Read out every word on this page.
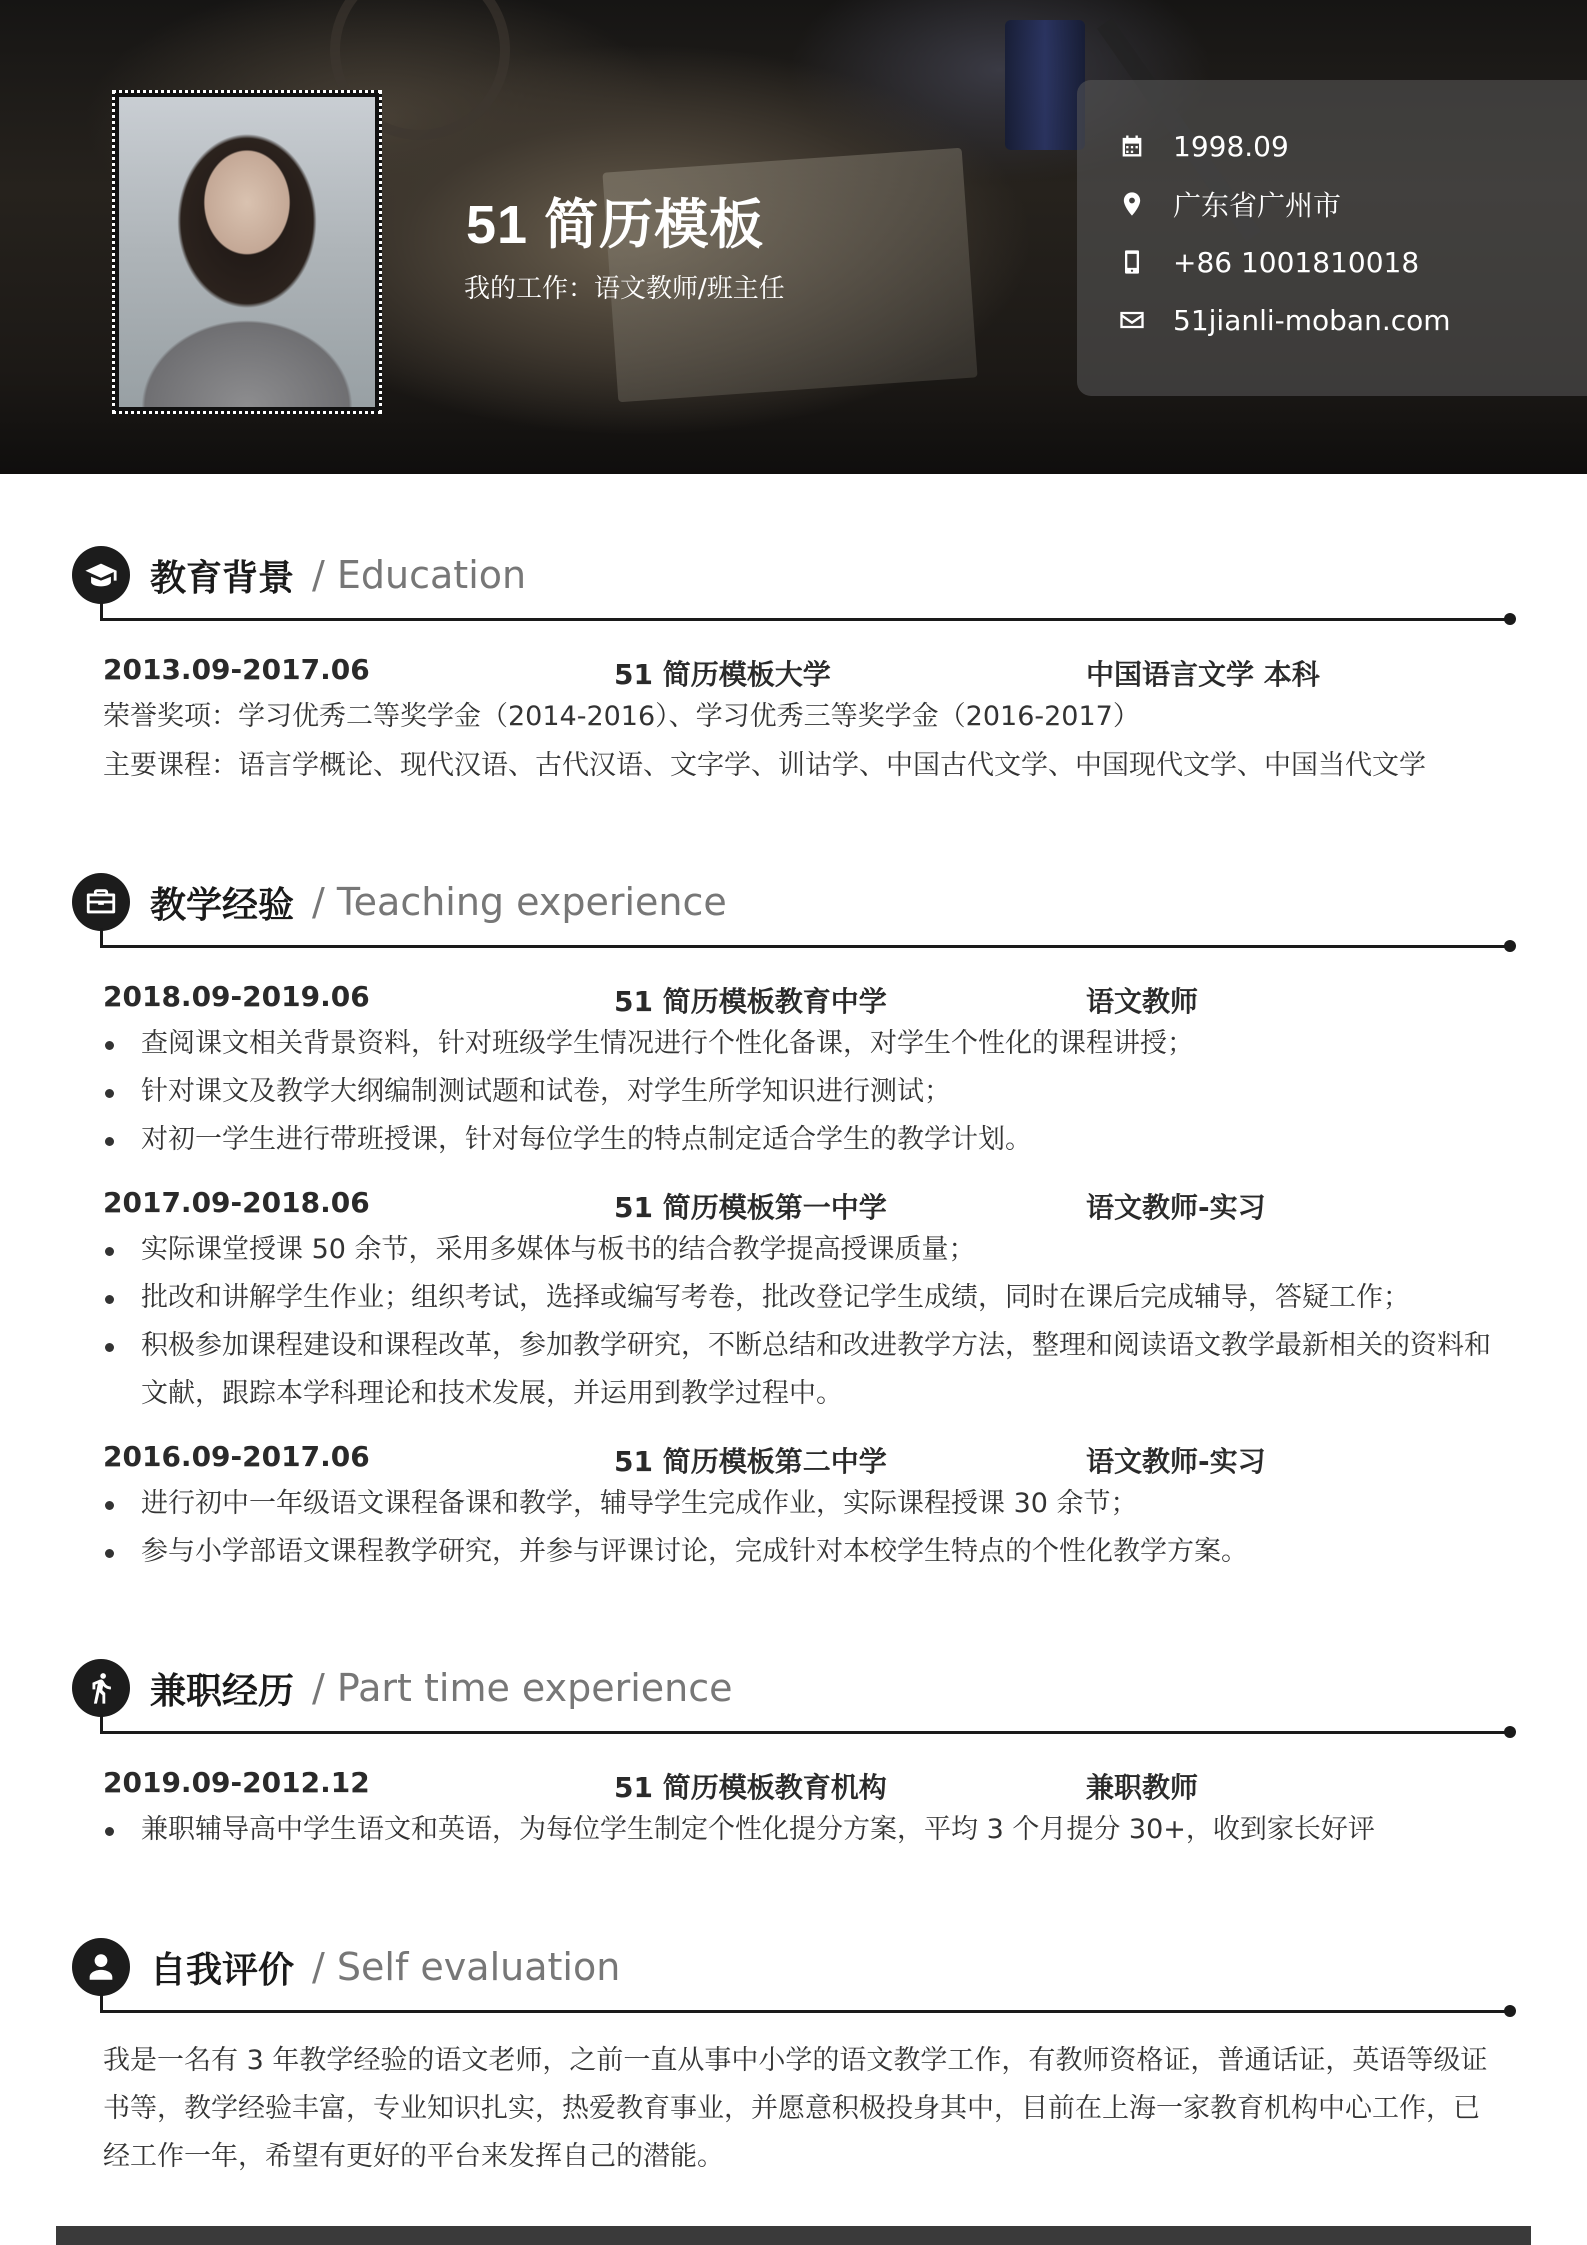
51 简历模板
我的工作：语文教师/班主任
1998.09
广东省广州市
+86 1001810018
51jianli-moban.com
教育背景 / Education
2013.09-2017.06	51 简历模板大学	中国语言文学 本科
荣誉奖项：学习优秀二等奖学金（2014-2016）、学习优秀三等奖学金（2016-2017）
主要课程：语言学概论、现代汉语、古代汉语、文字学、训诂学、中国古代文学、中国现代文学、中国当代文学
教学经验 / Teaching experience
2018.09-2019.06	51 简历模板教育中学	语文教师
查阅课文相关背景资料，针对班级学生情况进行个性化备课，对学生个性化的课程讲授；
针对课文及教学大纲编制测试题和试卷，对学生所学知识进行测试；
对初一学生进行带班授课，针对每位学生的特点制定适合学生的教学计划。
2017.09-2018.06	51 简历模板第一中学	语文教师-实习
实际课堂授课 50 余节，采用多媒体与板书的结合教学提高授课质量；
批改和讲解学生作业；组织考试，选择或编写考卷，批改登记学生成绩，同时在课后完成辅导，答疑工作；
积极参加课程建设和课程改革，参加教学研究，不断总结和改进教学方法，整理和阅读语文教学最新相关的资料和文献，跟踪本学科理论和技术发展，并运用到教学过程中。
2016.09-2017.06	51 简历模板第二中学	语文教师-实习
进行初中一年级语文课程备课和教学，辅导学生完成作业，实际课程授课 30 余节；
参与小学部语文课程教学研究，并参与评课讨论，完成针对本校学生特点的个性化教学方案。
兼职经历 / Part time experience
2019.09-2012.12	51 简历模板教育机构	兼职教师
兼职辅导高中学生语文和英语，为每位学生制定个性化提分方案，平均 3 个月提分 30+，收到家长好评
自我评价 / Self evaluation
我是一名有 3 年教学经验的语文老师，之前一直从事中小学的语文教学工作，有教师资格证，普通话证，英语等级证书等，教学经验丰富，专业知识扎实，热爱教育事业，并愿意积极投身其中，目前在上海一家教育机构中心工作，已经工作一年，希望有更好的平台来发挥自己的潜能。
